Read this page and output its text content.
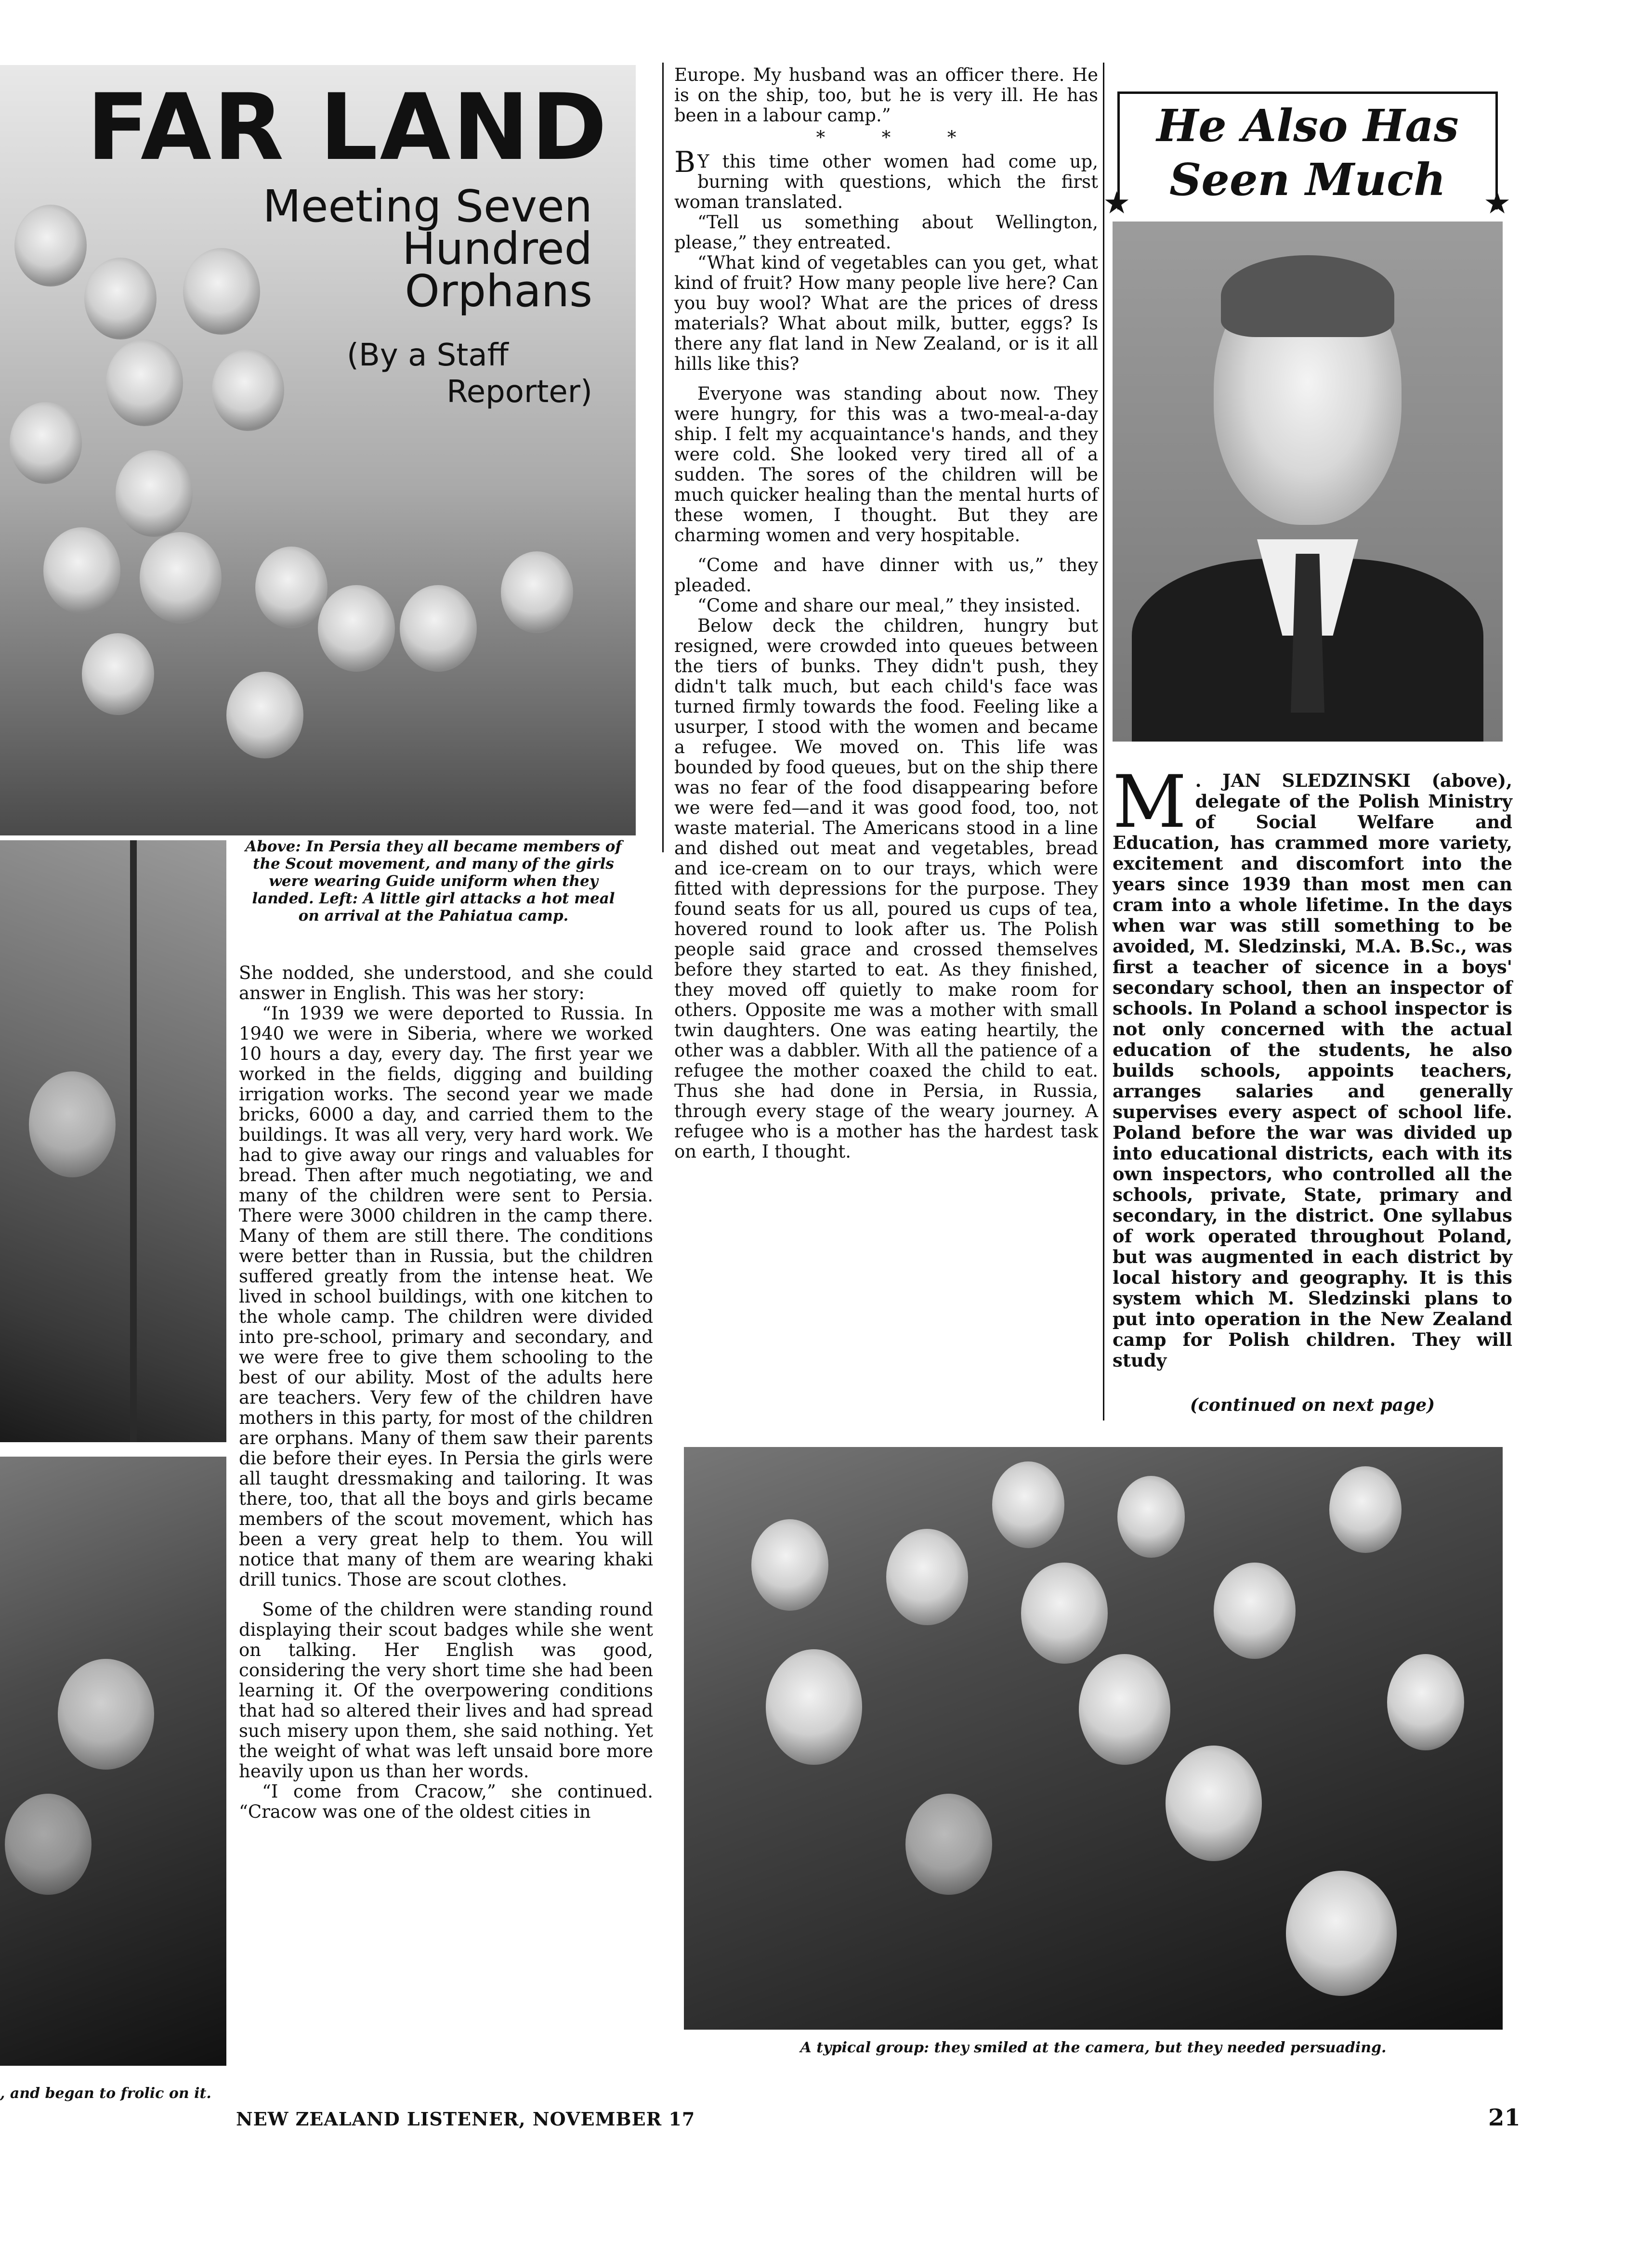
FAR LAND
Meeting Seven
Hundred
Orphans
(By a Staff
Reporter)
Above: In Persia they all became members of the Scout movement, and many of the girls were wearing Guide uniform when they landed. Left: A little girl attacks a hot meal on arrival at the Pahiatua camp.
, and began to frolic on it.

She nodded, she understood, and she could answer in English. This was her story:

“In 1939 we were deported to Russia. In 1940 we were in Siberia, where we worked 10 hours a day, every day. The first year we worked in the fields, digging and building irrigation works. The second year we made bricks, 6000 a day, and carried them to the buildings. It was all very, very hard work. We had to give away our rings and valuables for bread. Then after much negotiating, we and many of the children were sent to Persia. There were 3000 children in the camp there. Many of them are still there. The conditions were better than in Russia, but the children suffered greatly from the intense heat. We lived in school buildings, with one kitchen to the whole camp. The children were divided into pre-school, primary and secondary, and we were free to give them schooling to the best of our ability. Most of the adults here are teachers. Very few of the children have mothers in this party, for most of the children are orphans. Many of them saw their parents die before their eyes. In Persia the girls were all taught dressmaking and tailoring. It was there, too, that all the boys and girls became members of the scout movement, which has been a very great help to them. You will notice that many of them are wearing khaki drill tunics. Those are scout clothes.

Some of the children were standing round displaying their scout badges while she went on talking. Her English was good, considering the very short time she had been learning it. Of the overpowering conditions that had so altered their lives and had spread such misery upon them, she said nothing. Yet the weight of what was left unsaid bore more heavily upon us than her words.

“I come from Cracow,” she continued. “Cracow was one of the oldest cities in

Europe. My husband was an officer there. He is on the ship, too, but he is very ill. He has been in a labour camp.”

*          *          *

B Y this time other women had come up, burning with questions, which the first woman translated.

“Tell us something about Wellington, please,” they entreated.

“What kind of vegetables can you get, what kind of fruit? How many people live here? Can you buy wool? What are the prices of dress materials? What about milk, butter, eggs? Is there any flat land in New Zealand, or is it all hills like this?

Everyone was standing about now. They were hungry, for this was a two-meal-a-day ship. I felt my acquaintance's hands, and they were cold. She looked very tired all of a sudden. The sores of the children will be much quicker healing than the mental hurts of these women, I thought. But they are charming women and very hospitable.

“Come and have dinner with us,” they pleaded.

“Come and share our meal,” they insisted.

Below deck the children, hungry but resigned, were crowded into queues between the tiers of bunks. They didn't push, they didn't talk much, but each child's face was turned firmly towards the food. Feeling like a usurper, I stood with the women and became a refugee. We moved on. This life was bounded by food queues, but on the ship there was no fear of the food disappearing before we were fed—and it was good food, too, not waste material. The Americans stood in a line and dished out meat and vegetables, bread and ice-cream on to our trays, which were fitted with depressions for the purpose. They found seats for us all, poured us cups of tea, hovered round to look after us. The Polish people said grace and crossed themselves before they started to eat. As they finished, they moved off quietly to make room for others. Opposite me was a mother with small twin daughters. One was eating heartily, the other was a dabbler. With all the patience of a refugee the mother coaxed the child to eat. Thus she had done in Persia, in Russia, through every stage of the weary journey. A refugee who is a mother has the hardest task on earth, I thought.

He Also Has
Seen Much
★	★
M . JAN SLEDZINSKI (above), delegate of the Polish Ministry of Social Welfare and Education, has crammed more variety, excitement and discomfort into the years since 1939 than most men can cram into a whole lifetime. In the days when war was still something to be avoided, M. Sledzinski, M.A. B.Sc., was first a teacher of sicence in a boys' secondary school, then an inspector of schools. In Poland a school inspector is not only concerned with the actual education of the students, he also builds schools, appoints teachers, arranges salaries and generally supervises every aspect of school life. Poland before the war was divided up into educational districts, each with its own inspectors, who controlled all the schools, private, State, primary and secondary, in the district. One syllabus of work operated throughout Poland, but was augmented in each district by local history and geography. It is this system which M. Sledzinski plans to put into operation in the New Zealand camp for Polish children. They will study
(continued on next page)
A typical group: they smiled at the camera, but they needed persuading.
NEW ZEALAND LISTENER, NOVEMBER 17	21
